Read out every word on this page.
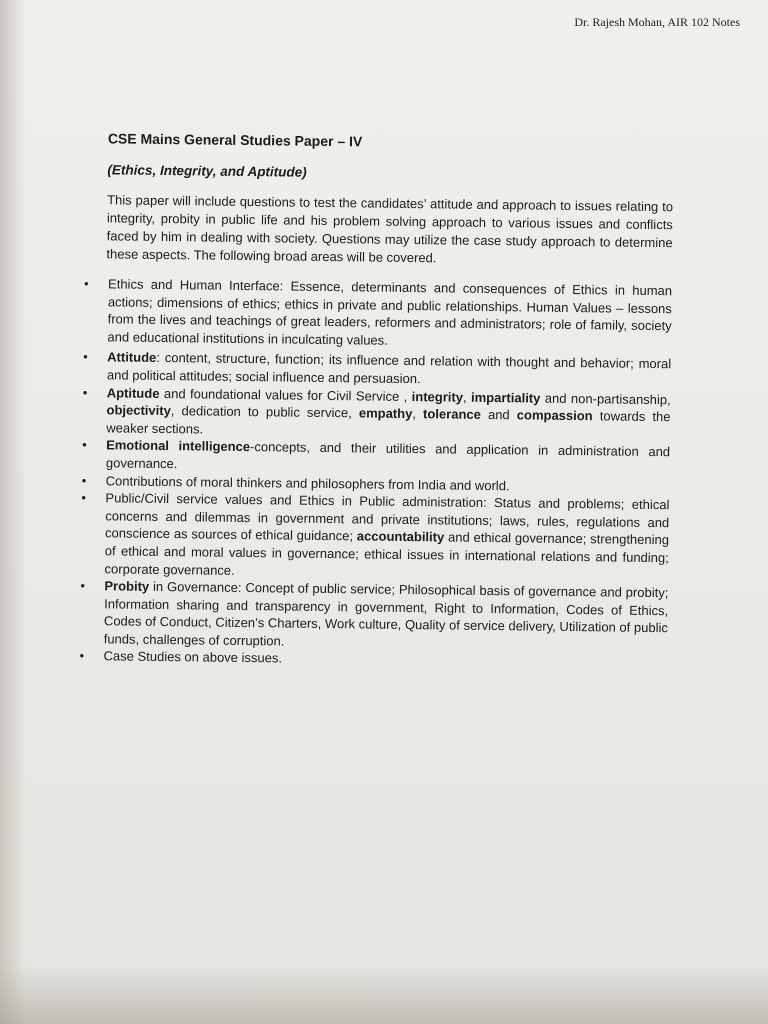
Dr. Rajesh Mohan, AIR 102 Notes
CSE Mains General Studies Paper – IV
(Ethics, Integrity, and Aptitude)
This paper will include questions to test the candidates’ attitude and approach to issues relating to integrity, probity in public life and his problem solving approach to various issues and conflicts faced by him in dealing with society. Questions may utilize the case study approach to determine these aspects. The following broad areas will be covered.
• Ethics and Human Interface: Essence, determinants and consequences of Ethics in human actions; dimensions of ethics; ethics in private and public relationships. Human Values – lessons from the lives and teachings of great leaders, reformers and administrators; role of family, society and educational institutions in inculcating values.
• Attitude: content, structure, function; its influence and relation with thought and behavior; moral and political attitudes; social influence and persuasion.
• Aptitude and foundational values for Civil Service , integrity, impartiality and non-partisanship, objectivity, dedication to public service, empathy, tolerance and compassion towards the weaker sections.
• Emotional intelligence-concepts, and their utilities and application in administration and governance.
• Contributions of moral thinkers and philosophers from India and world.
• Public/Civil service values and Ethics in Public administration: Status and problems; ethical concerns and dilemmas in government and private institutions; laws, rules, regulations and conscience as sources of ethical guidance; accountability and ethical governance; strengthening of ethical and moral values in governance; ethical issues in international relations and funding; corporate governance.
• Probity in Governance: Concept of public service; Philosophical basis of governance and probity; Information sharing and transparency in government, Right to Information, Codes of Ethics, Codes of Conduct, Citizen’s Charters, Work culture, Quality of service delivery, Utilization of public funds, challenges of corruption.
• Case Studies on above issues.
